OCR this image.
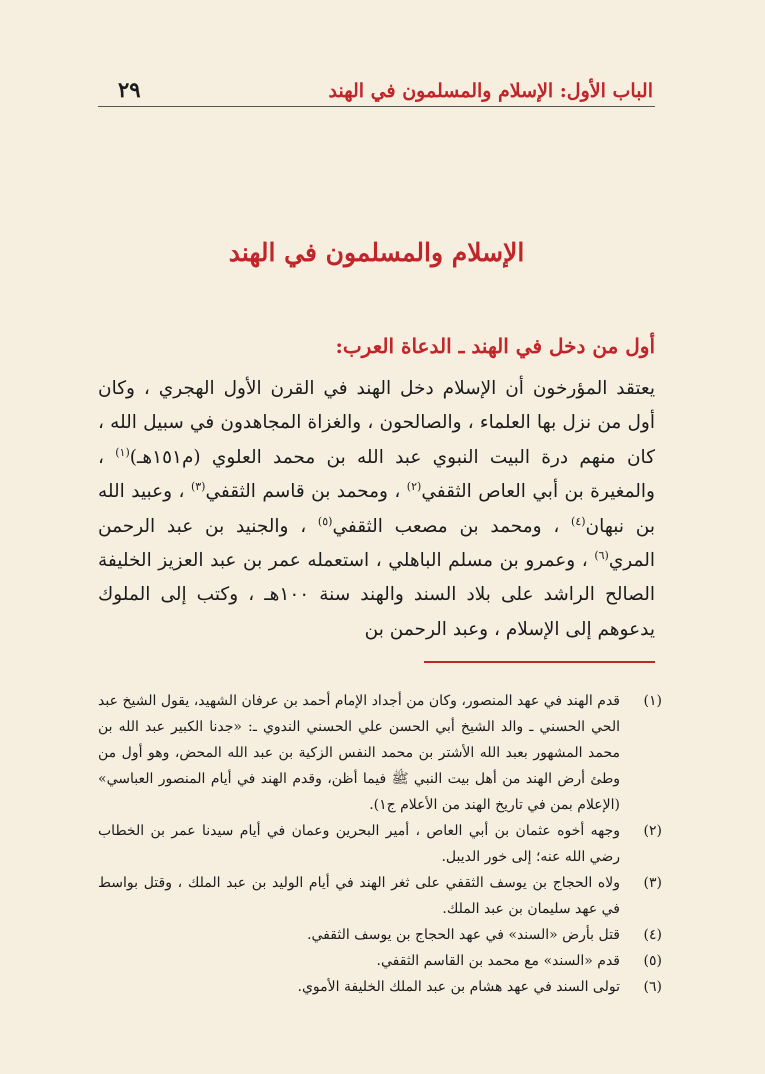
٢٩	الباب الأول: الإسلام والمسلمون في الهند
الإسلام والمسلمون في الهند
أول من دخل في الهند ـ الدعاة العرب:

يعتقد المؤرخون أن الإسلام دخل الهند في القرن الأول الهجري ، وكان أول من نزل بها العلماء ، والصالحون ، والغزاة المجاهدون في سبيل الله ، كان منهم درة البيت النبوي عبد الله بن محمد العلوي (م١٥١هـ)$^{(١)}$ ، والمغيرة بن أبي العاص الثقفي$^{(٢)}$ ، ومحمد بن قاسم الثقفي$^{(٣)}$ ، وعبيد الله بن نبهان$^{(٤)}$ ، ومحمد بن مصعب الثقفي$^{(٥)}$ ، والجنيد بن عبد الرحمن المري$^{(٦)}$ ، وعمرو بن مسلم الباهلي ، استعمله عمر بن عبد العزيز الخليفة الصالح الراشد على بلاد السند والهند سنة ١٠٠هـ ، وكتب إلى الملوك يدعوهم إلى الإسلام ، وعبد الرحمن بن

(١)
قدم الهند في عهد المنصور، وكان من أجداد الإمام أحمد بن عرفان الشهيد، يقول الشيخ عبد الحي الحسني ـ والد الشيخ أبي الحسن علي الحسني الندوي ـ: «جدنا الكبير عبد الله بن محمد المشهور بعبد الله الأشتر بن محمد النفس الزكية بن عبد الله المحض، وهو أول من وطئ أرض الهند من أهل بيت النبي ﷺ فيما أظن، وقدم الهند في أيام المنصور العباسي» (الإعلام بمن في تاريخ الهند من الأعلام ج١).
(٢)
وجهه أخوه عثمان بن أبي العاص ، أمير البحرين وعمان في أيام سيدنا عمر بن الخطاب رضي الله عنه؛ إلى خور الديبل.
(٣)
ولاه الحجاج بن يوسف الثقفي على ثغر الهند في أيام الوليد بن عبد الملك ، وقتل بواسط في عهد سليمان بن عبد الملك.
(٤)
قتل بأرض «السند» في عهد الحجاج بن يوسف الثقفي.
(٥)
قدم «السند» مع محمد بن القاسم الثقفي.
(٦)
تولى السند في عهد هشام بن عبد الملك الخليفة الأموي.
